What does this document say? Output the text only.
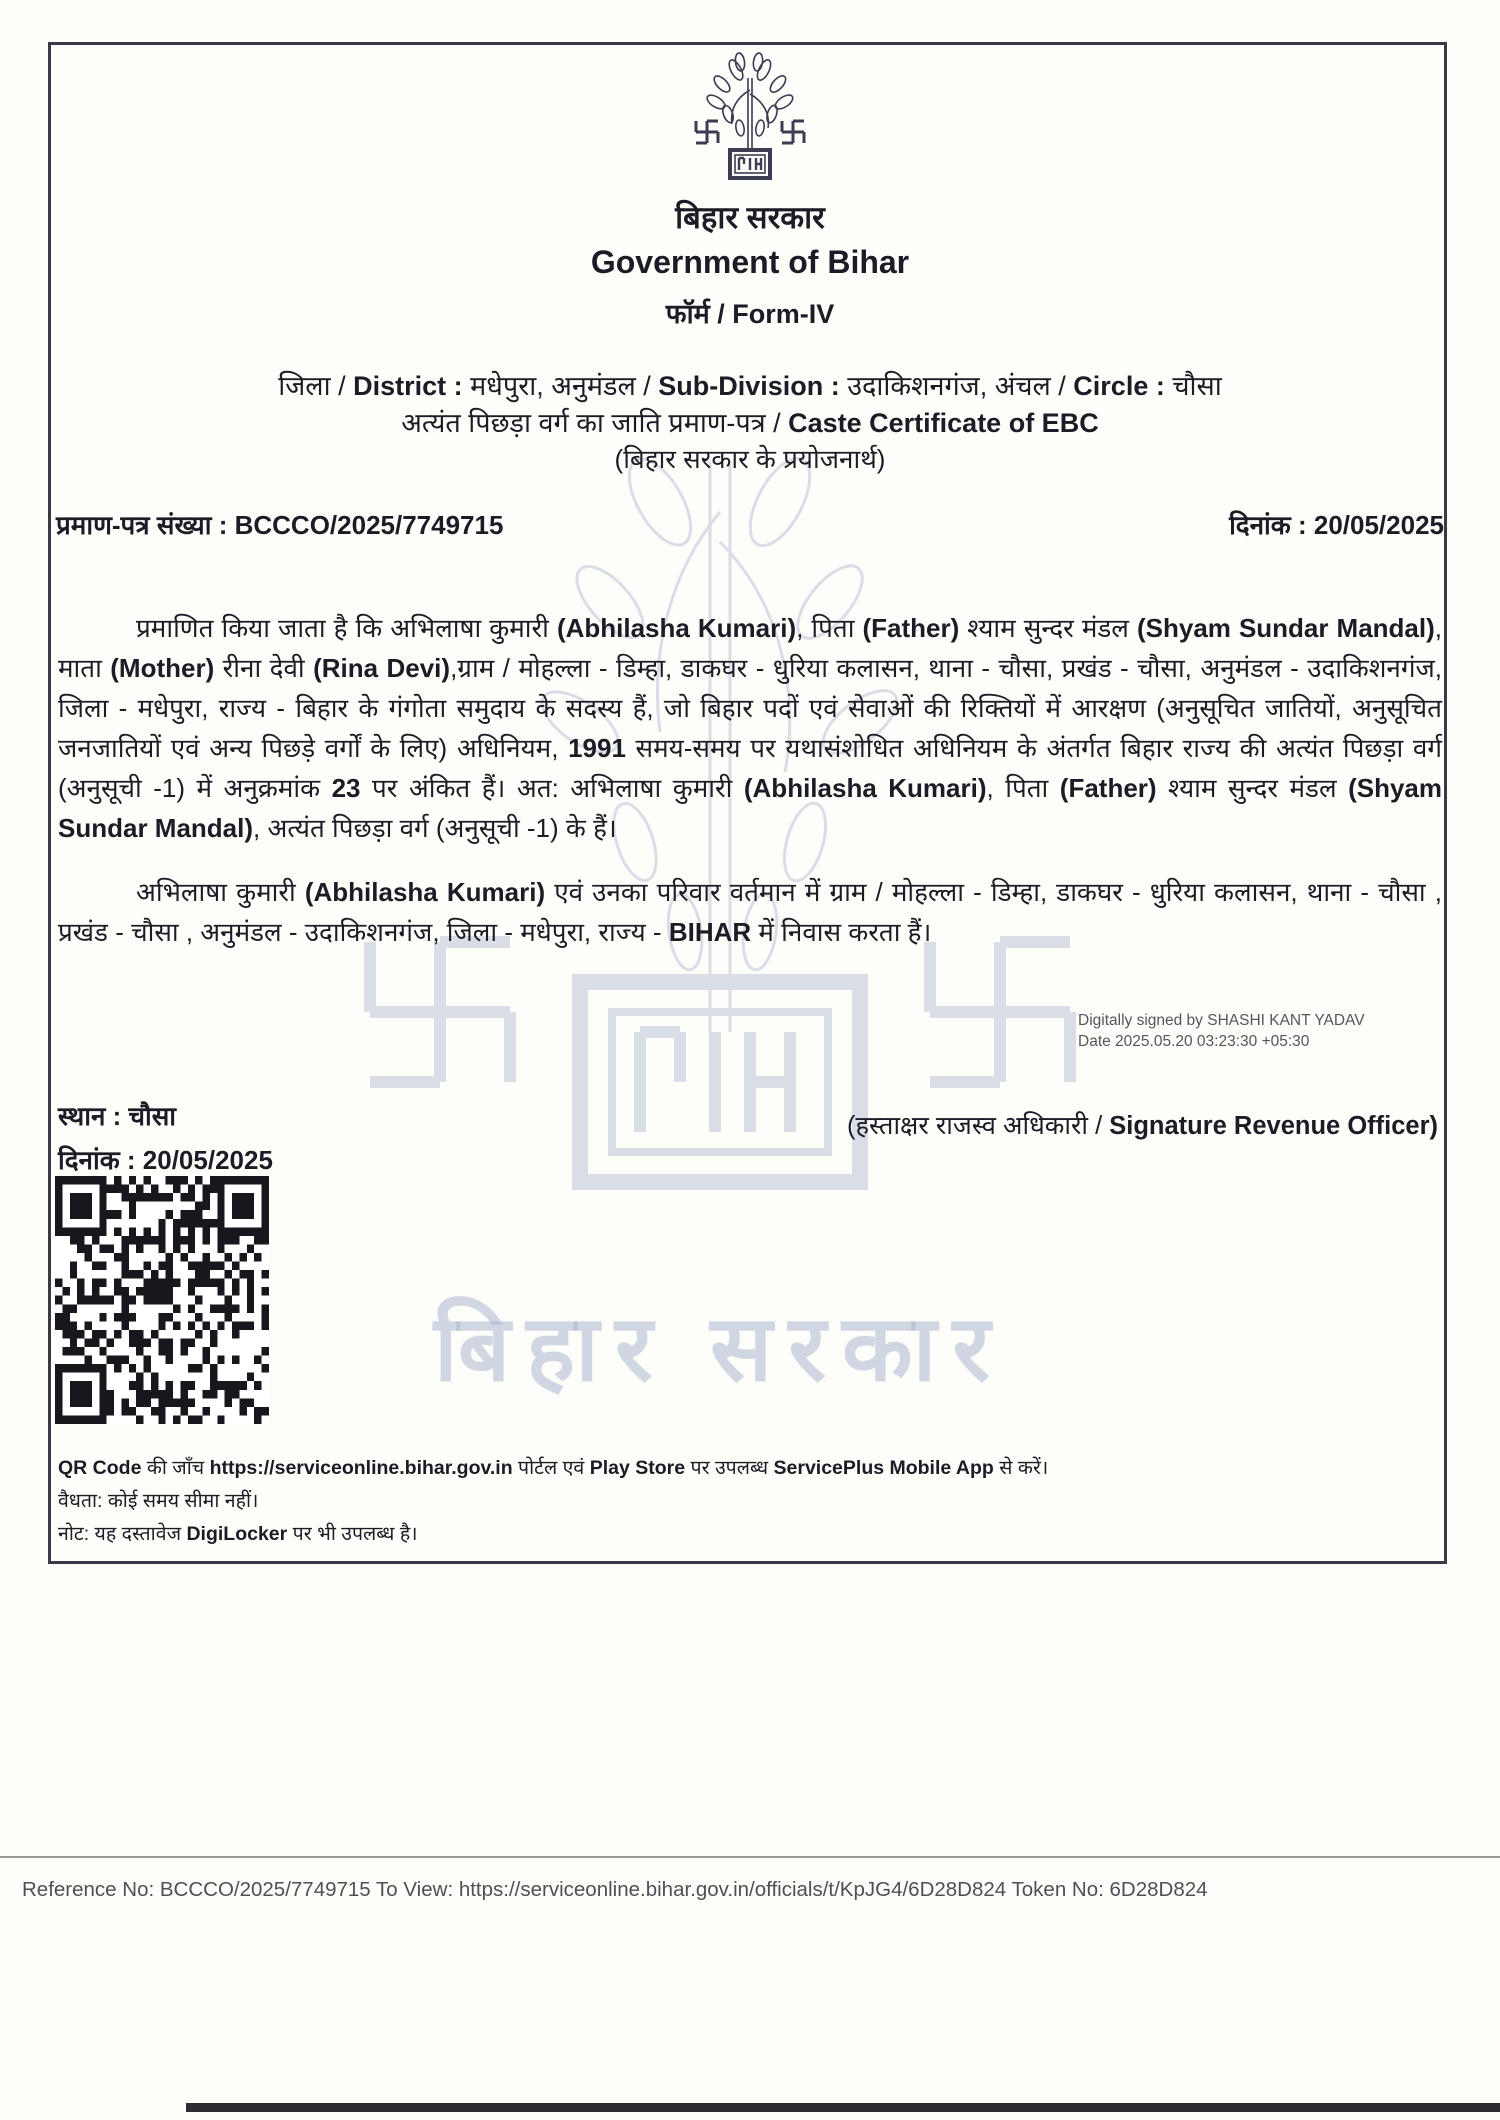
बिहार सरकार
बिहार सरकार
Government of Bihar
फॉर्म / Form-IV
जिला / District : मधेपुरा, अनुमंडल / Sub-Division : उदाकिशनगंज, अंचल / Circle : चौसा
अत्यंत पिछड़ा वर्ग का जाति प्रमाण-पत्र / Caste Certificate of EBC
(बिहार सरकार के प्रयोजनार्थ)
प्रमाण-पत्र संख्या : BCCCO/2025/7749715	दिनांक : 20/05/2025
प्रमाणित किया जाता है कि अभिलाषा कुमारी (Abhilasha Kumari), पिता (Father) श्याम सुन्दर मंडल (Shyam Sundar Mandal), माता (Mother) रीना देवी (Rina Devi),ग्राम / मोहल्ला - डिम्हा, डाकघर - धुरिया कलासन, थाना - चौसा, प्रखंड - चौसा, अनुमंडल - उदाकिशनगंज, जिला - मधेपुरा, राज्य - बिहार के गंगोता समुदाय के सदस्य हैं, जो बिहार पदों एवं सेवाओं की रिक्तियों में आरक्षण (अनुसूचित जातियों, अनुसूचित जनजातियों एवं अन्य पिछड़े वर्गों के लिए) अधिनियम, 1991 समय-समय पर यथासंशोधित अधिनियम के अंतर्गत बिहार राज्य की अत्यंत पिछड़ा वर्ग (अनुसूची -1) में अनुक्रमांक 23 पर अंकित हैं। अत: अभिलाषा कुमारी (Abhilasha Kumari), पिता (Father) श्याम सुन्दर मंडल (Shyam Sundar Mandal), अत्यंत पिछड़ा वर्ग (अनुसूची -1) के हैं।
अभिलाषा कुमारी (Abhilasha Kumari) एवं उनका परिवार वर्तमान में ग्राम / मोहल्ला - डिम्हा, डाकघर - धुरिया कलासन, थाना - चौसा , प्रखंड - चौसा , अनुमंडल - उदाकिशनगंज, जिला - मधेपुरा, राज्य - BIHAR में निवास करता हैं।
Digitally signed by SHASHI KANT YADAV
Date 2025.05.20 03:23:30 +05:30
स्थान : चौसा
दिनांक : 20/05/2025
(हस्ताक्षर राजस्व अधिकारी / Signature Revenue Officer)
QR Code की जाँच https://serviceonline.bihar.gov.in पोर्टल एवं Play Store पर उपलब्ध ServicePlus Mobile App से करें।
वैधता: कोई समय सीमा नहीं।
नोट: यह दस्तावेज DigiLocker पर भी उपलब्ध है।
Reference No: BCCCO/2025/7749715 To View: https://serviceonline.bihar.gov.in/officials/t/KpJG4/6D28D824 Token No: 6D28D824
